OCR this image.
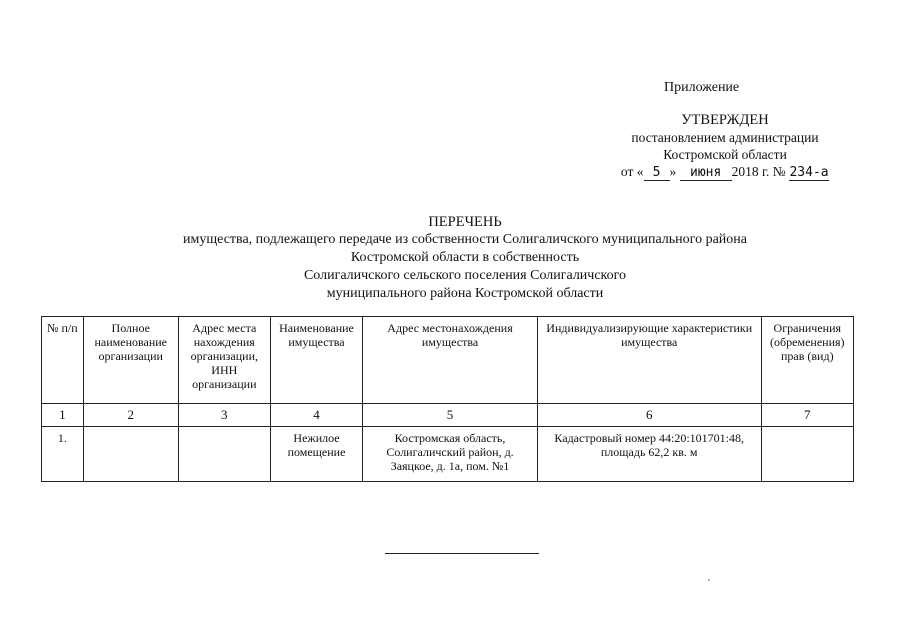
Приложение
УТВЕРЖДЕН
постановлением администрации
Костромской области
от « 5 » июня 2018 г. № 234-а
ПЕРЕЧЕНЬ
имущества, подлежащего передаче из собственности Солигаличского муниципального района
Костромской области в собственность
Солигаличского сельского поселения Солигаличского
муниципального района Костромской области
№ п/п	Полное наименование организации	Адрес места нахождения организации, ИНН организации	Наименование имущества	Адрес местонахождения имущества	Индивидуализирующие характеристики имущества	Ограничения (обременения) прав (вид)
1	2	3	4	5	6	7
1.			Нежилое помещение	Костромская область, Солигаличский район, д. Заяцкое, д. 1а, пом. №1	Кадастровый номер 44:20:101701:48, площадь 62,2 кв. м	
